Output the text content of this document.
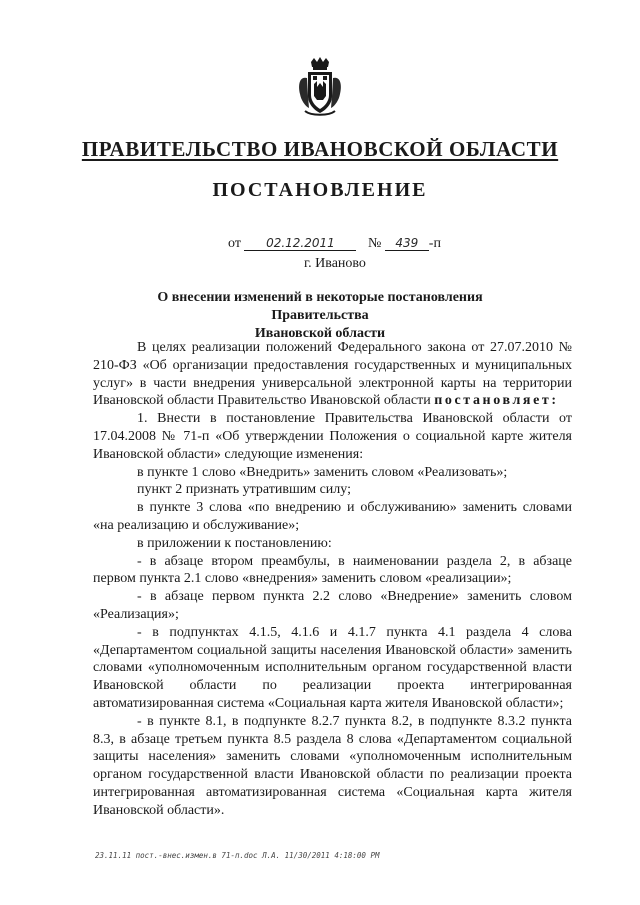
ПРАВИТЕЛЬСТВО ИВАНОВСКОЙ ОБЛАСТИ
ПОСТАНОВЛЕНИЕ
от 02.12.2011 № 439 -п
г. Иваново
О внесении изменений в некоторые постановления Правительства
Ивановской области

В целях реализации положений Федерального закона от 27.07.2010 № 210-ФЗ «Об организации предоставления государственных и муниципальных услуг» в части внедрения универсальной электронной карты на территории Ивановской области Правительство Ивановской области постановляет:

1. Внести в постановление Правительства Ивановской области от 17.04.2008 № 71-п «Об утверждении Положения о социальной карте жителя Ивановской области» следующие изменения:

в пункте 1 слово «Внедрить» заменить словом «Реализовать»;

пункт 2 признать утратившим силу;

в пункте 3 слова «по внедрению и обслуживанию» заменить словами «на реализацию и обслуживание»;

в приложении к постановлению:

- в абзаце втором преамбулы, в наименовании раздела 2, в абзаце первом пункта 2.1 слово «внедрения» заменить словом «реализации»;

- в абзаце первом пункта 2.2 слово «Внедрение» заменить словом «Реализация»;

- в подпунктах 4.1.5, 4.1.6 и 4.1.7 пункта 4.1 раздела 4 слова «Департаментом социальной защиты населения Ивановской области» заменить словами «уполномоченным исполнительным органом государственной власти Ивановской области по реализации проекта интегрированная автоматизированная система «Социальная карта жителя Ивановской области»;

- в пункте 8.1, в подпункте 8.2.7 пункта 8.2, в подпункте 8.3.2 пункта 8.3, в абзаце третьем пункта 8.5 раздела 8 слова «Департаментом социальной защиты населения» заменить словами «уполномоченным исполнительным органом государственной власти Ивановской области по реализации проекта интегрированная автоматизированная система «Социальная карта жителя Ивановской области».

23.11.11 пост.-внес.измен.в 71-п.doc Л.А. 11/30/2011 4:18:00 PM
